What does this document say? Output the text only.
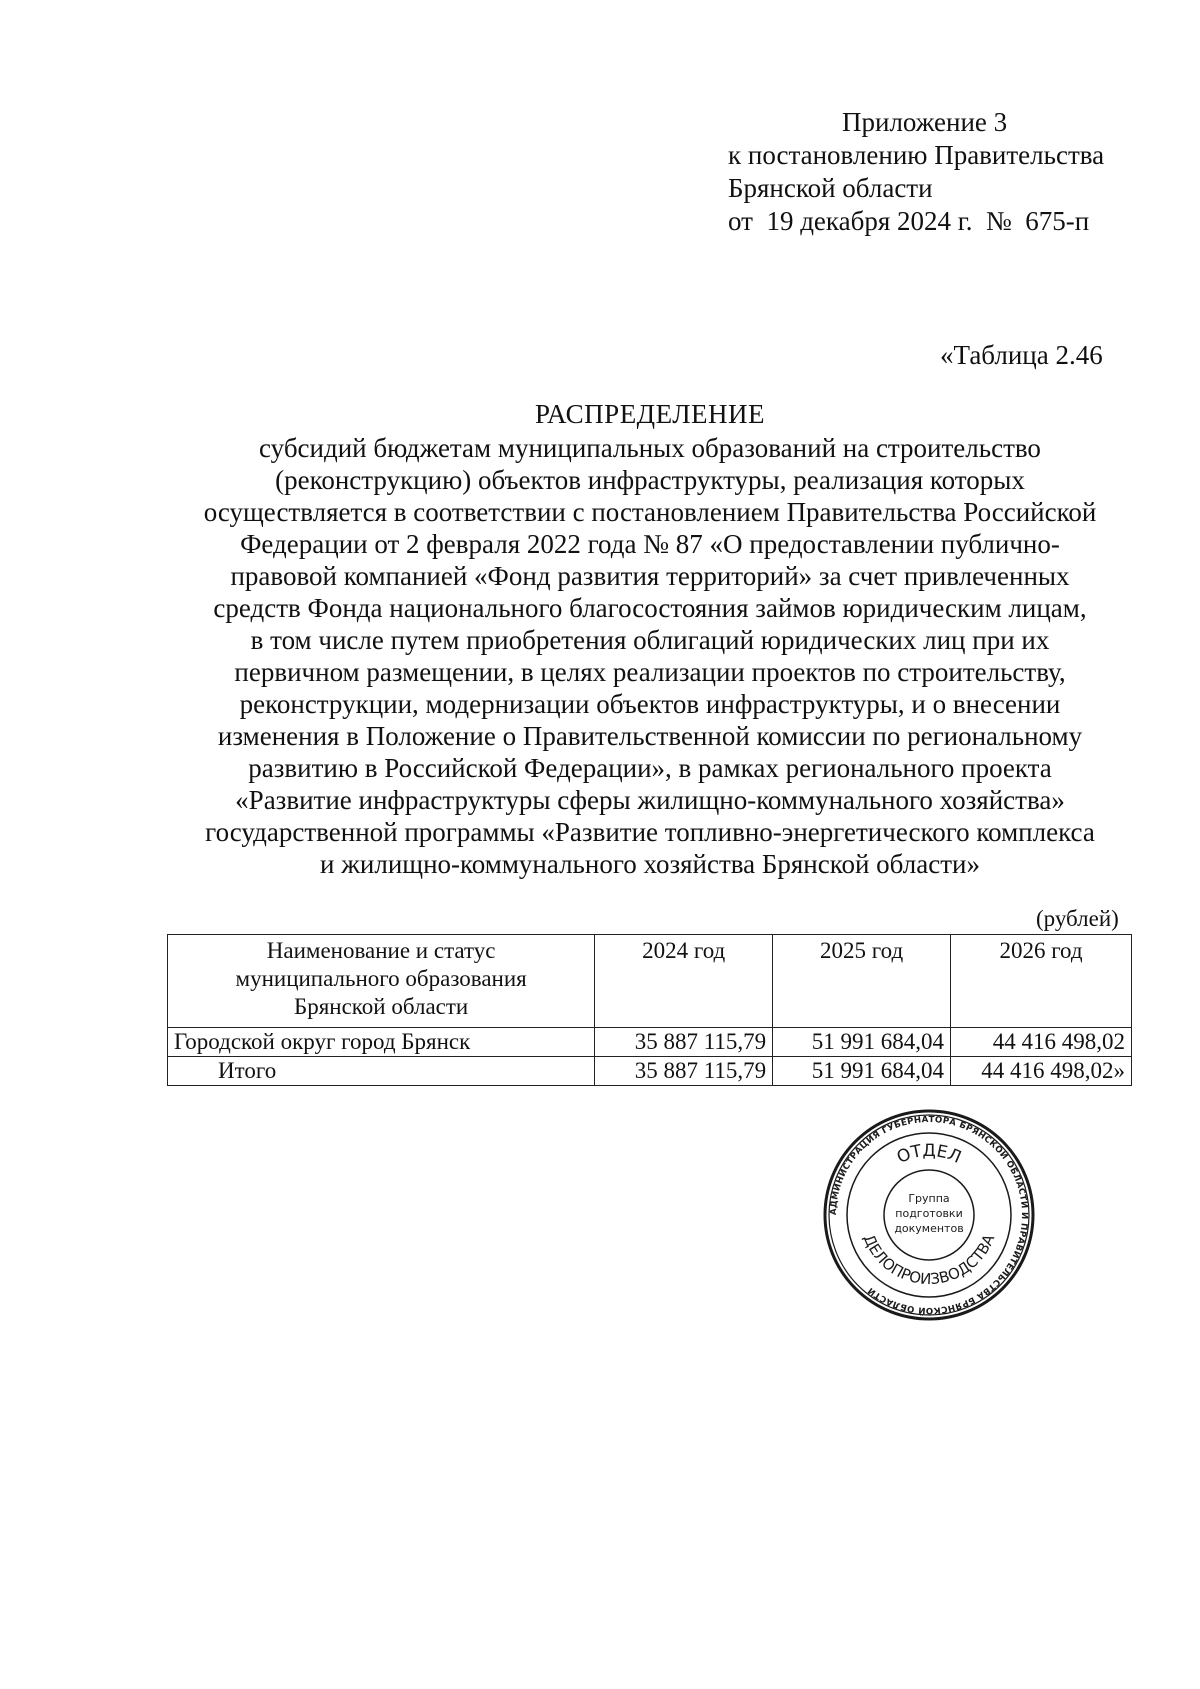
Приложение 3
к постановлению Правительства
Брянской области
от  19 декабря 2024 г.  №  675-п
«Таблица 2.46
РАСПРЕДЕЛЕНИЕ
субсидий бюджетам муниципальных образований на строительство
(реконструкцию) объектов инфраструктуры, реализация которых
осуществляется в соответствии с постановлением Правительства Российской
Федерации от 2 февраля 2022 года № 87 «О предоставлении публично-
правовой компанией «Фонд развития территорий» за счет привлеченных
средств Фонда национального благосостояния займов юридическим лицам,
в том числе путем приобретения облигаций юридических лиц при их
первичном размещении, в целях реализации проектов по строительству,
реконструкции, модернизации объектов инфраструктуры, и о внесении
изменения в Положение о Правительственной комиссии по региональному
развитию в Российской Федерации», в рамках регионального проекта
«Развитие инфраструктуры сферы жилищно-коммунального хозяйства»
государственной программы «Развитие топливно-энергетического комплекса
и жилищно-коммунального хозяйства Брянской области»
(рублей)
Наименование и статус
муниципального образования
Брянской области	2024 год	2025 год	2026 год
Городской округ город Брянск	35 887 115,79	51 991 684,04	44 416 498,02
Итого	35 887 115,79	51 991 684,04	44 416 498,02»
АДМИНИСТРАЦИЯ ГУБЕРНАТОРА БРЯНСКОЙ ОБЛАСТИ И ПРАВИТЕЛЬСТВА БРЯНСКОЙ ОБЛАСТИ
ОТДЕЛ
ДЕЛОПРОИЗВОДСТВА
Группа
подготовки
документов
